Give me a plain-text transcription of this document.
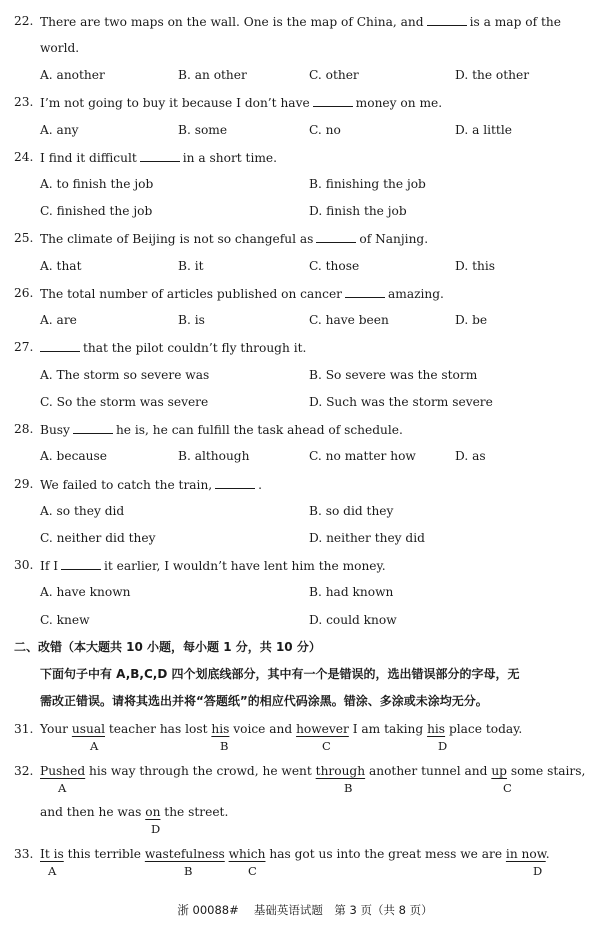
22. There are two maps on the wall. One is the map of China, and	is a map of the
world.
A. another	B. an other	C. other	D. the other
23. I’m not going to buy it because I don’t have	money on me.
A. any	B. some	C. no	D. a little
24. I find it difficult	in a short time.
A. to finish the job	B. finishing the job
C. finished the job	D. finish the job
25. The climate of Beijing is not so changeful as	of Nanjing.
A. that	B. it	C. those	D. this
26. The total number of articles published on cancer	amazing.
A. are	B. is	C. have been	D. be
27.	that the pilot couldn’t fly through it.
A. The storm so severe was	B. So severe was the storm
C. So the storm was severe	D. Such was the storm severe
28. Busy	he is, he can fulfill the task ahead of schedule.
A. because	B. although	C. no matter how	D. as
29. We failed to catch the train,	.
A. so they did	B. so did they
C. neither did they	D. neither they did
30. If I	it earlier, I wouldn’t have lent him the money.
A. have known	B. had known
C. knew	D. could know
二、改错（本大题共 10 小题，每小题 1 分，共 10 分）
下面句子中有 A,B,C,D 四个划底线部分，其中有一个是错误的，选出错误部分的字母，无
需改正错误。请将其选出并将“答题纸”的相应代码涂黑。错涂、多涂或未涂均无分。
31. Your usual teacher has lost his voice and however I am taking his place today.
A	B	C	D
32. Pushed his way through the crowd, he went through another tunnel and up some stairs,
A	B	C
and then he was on the street.
D
33. It is this terrible wastefulness which has got us into the great mess we are in now.
A	B	C	D
浙 00088#　 基础英语试题　第 3 页（共 8 页）
